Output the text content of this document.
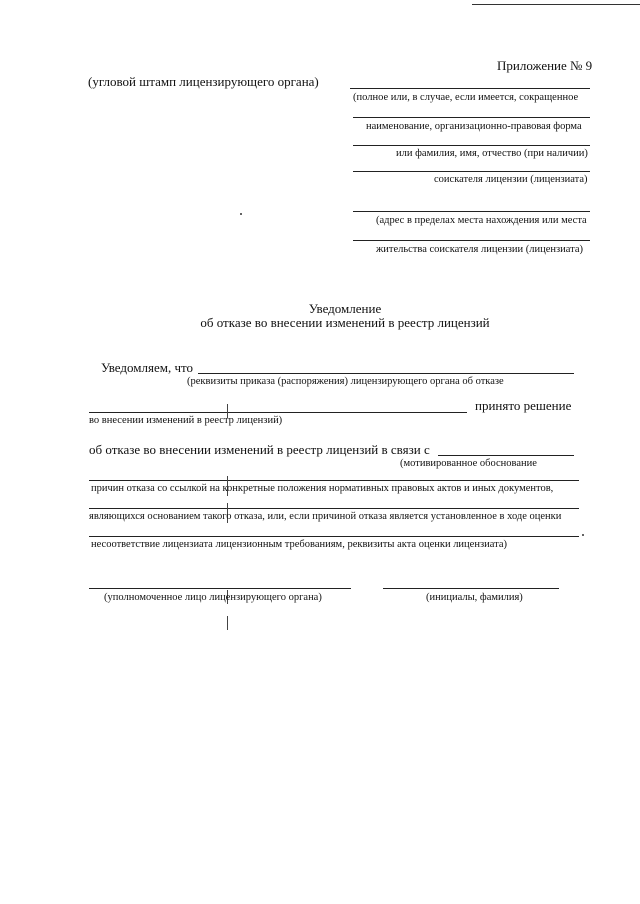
Приложение № 9
(угловой штамп лицензирующего органа)
(полное или, в случае, если имеется, сокращенное
наименование, организационно-правовая форма
или фамилия, имя, отчество (при наличии)
соискателя лицензии (лицензиата)
(адрес в пределах места нахождения или места
жительства соискателя лицензии (лицензиата)
Уведомление
об отказе во внесении изменений в реестр лицензий
Уведомляем, что
(реквизиты приказа (распоряжения) лицензирующего органа об отказе
принято решение
во внесении изменений в реестр лицензий)
об отказе во внесении изменений в реестр лицензий в связи с
(мотивированное обоснование
причин отказа со ссылкой на конкретные положения нормативных правовых актов и иных документов,
являющихся основанием такого отказа, или, если причиной отказа является установленное в ходе оценки
несоответствие лицензиата лицензионным требованиям, реквизиты акта оценки лицензиата)
(уполномоченное лицо лицензирующего органа)	(инициалы, фамилия)
